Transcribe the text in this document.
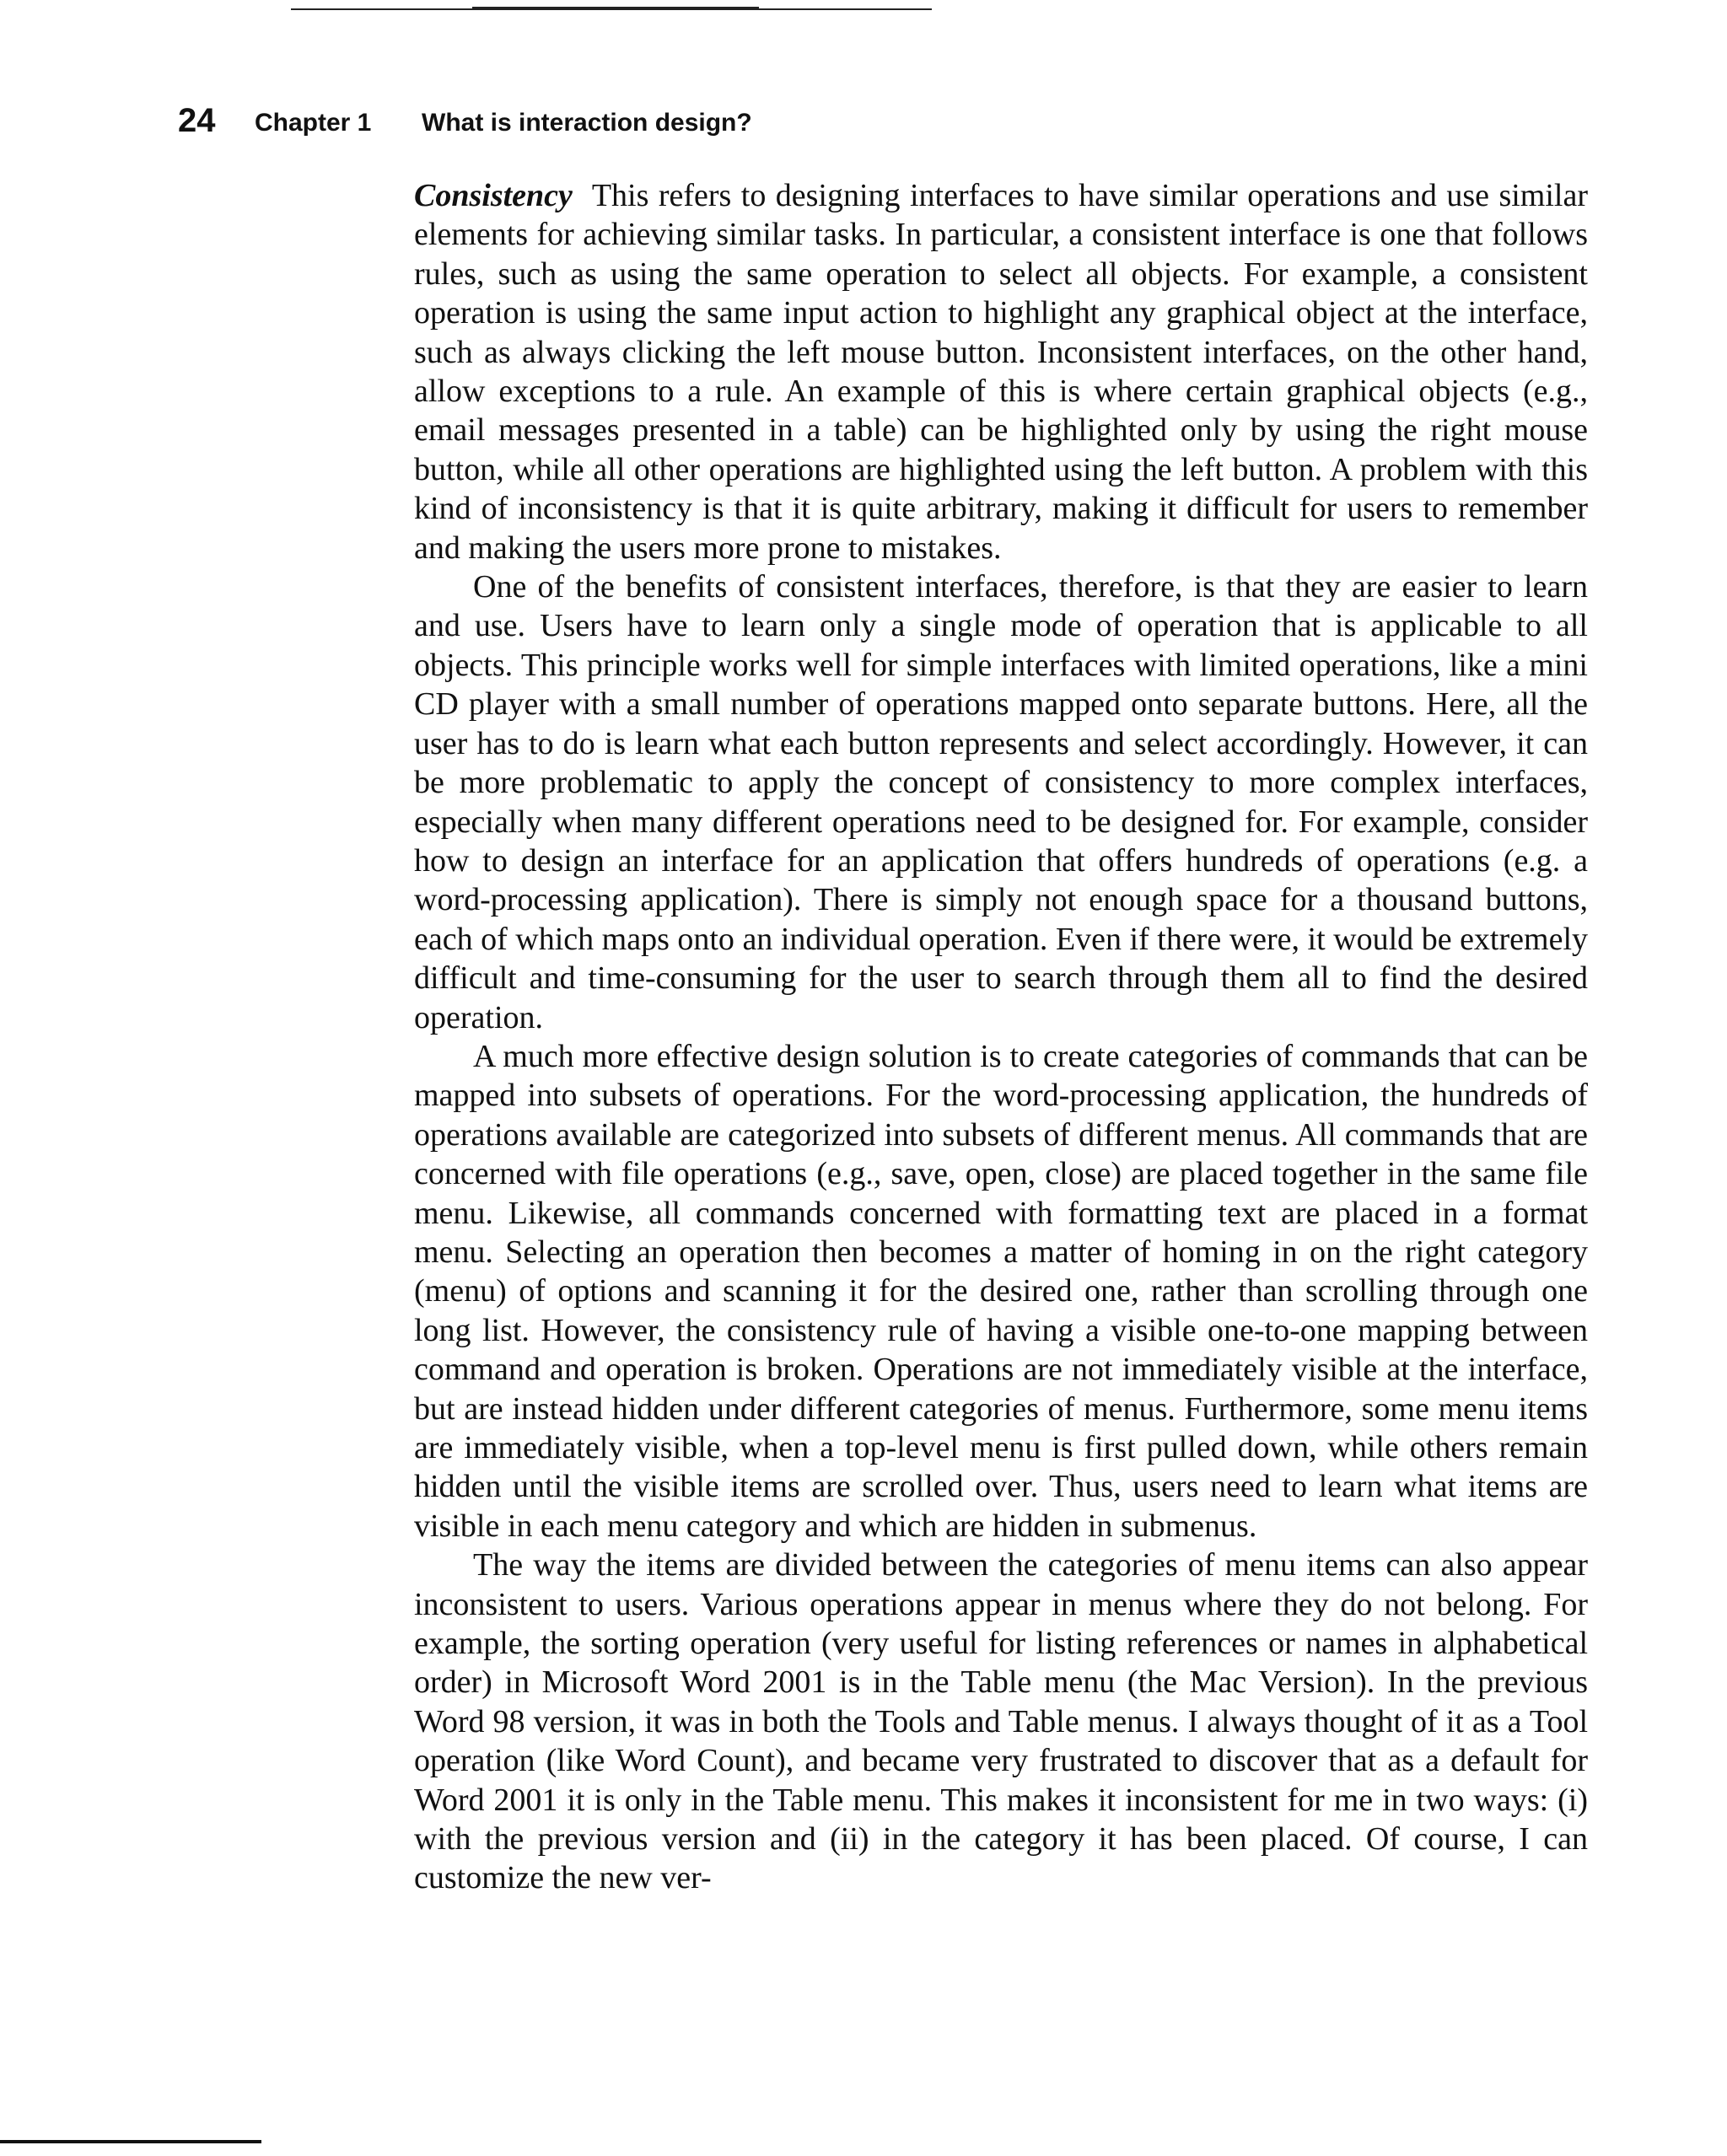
24 Chapter 1 What is interaction design?

Consistency This refers to designing interfaces to have similar operations and use similar elements for achieving similar tasks. In particular, a consistent interface is one that follows rules, such as using the same operation to select all objects. For example, a consistent operation is using the same input action to highlight any graphical object at the interface, such as always clicking the left mouse button. Inconsistent interfaces, on the other hand, allow exceptions to a rule. An example of this is where certain graphical objects (e.g., email messages presented in a table) can be highlighted only by using the right mouse button, while all other operations are highlighted using the left button. A problem with this kind of inconsistency is that it is quite arbitrary, making it difficult for users to remember and making the users more prone to mistakes.

One of the benefits of consistent interfaces, therefore, is that they are easier to learn and use. Users have to learn only a single mode of operation that is applicable to all objects. This principle works well for simple interfaces with limited operations, like a mini CD player with a small number of operations mapped onto separate buttons. Here, all the user has to do is learn what each button represents and select accordingly. However, it can be more problematic to apply the concept of consistency to more complex interfaces, especially when many different operations need to be designed for. For example, consider how to design an interface for an application that offers hundreds of operations (e.g. a word-processing application). There is simply not enough space for a thousand buttons, each of which maps onto an individual operation. Even if there were, it would be extremely difficult and time-consuming for the user to search through them all to find the desired operation.

A much more effective design solution is to create categories of commands that can be mapped into subsets of operations. For the word-processing application, the hundreds of operations available are categorized into subsets of different menus. All commands that are concerned with file operations (e.g., save, open, close) are placed together in the same file menu. Likewise, all commands concerned with formatting text are placed in a format menu. Selecting an operation then becomes a matter of homing in on the right category (menu) of options and scanning it for the desired one, rather than scrolling through one long list. However, the consistency rule of having a visible one-to-one mapping between command and operation is broken. Operations are not immediately visible at the interface, but are instead hidden under different categories of menus. Furthermore, some menu items are immediately visible, when a top-level menu is first pulled down, while others remain hidden until the visible items are scrolled over. Thus, users need to learn what items are visible in each menu category and which are hidden in submenus.

The way the items are divided between the categories of menu items can also appear inconsistent to users. Various operations appear in menus where they do not belong. For example, the sorting operation (very useful for listing references or names in alphabetical order) in Microsoft Word 2001 is in the Table menu (the Mac Version). In the previous Word 98 version, it was in both the Tools and Table menus. I always thought of it as a Tool operation (like Word Count), and became very frustrated to discover that as a default for Word 2001 it is only in the Table menu. This makes it inconsistent for me in two ways: (i) with the previous version and (ii) in the category it has been placed. Of course, I can customize the new ver-
